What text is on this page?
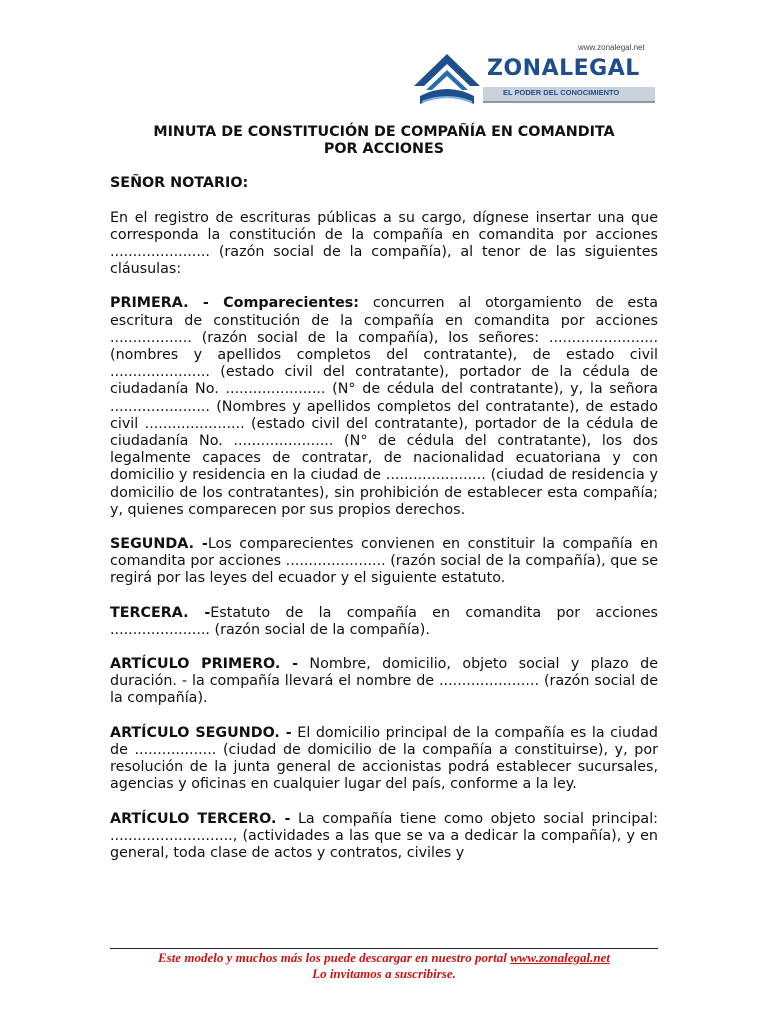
www.zonalegal.net
ZONALEGAL
EL PODER DEL CONOCIMIENTO

MINUTA DE CONSTITUCIÓN DE COMPAÑÍA EN COMANDITA
POR ACCIONES

SEÑOR NOTARIO:

En el registro de escrituras públicas a su cargo, dígnese insertar una que corresponda la constitución de la compañía en comandita por acciones ...................... (razón social de la compañía), al tenor de las siguientes cláusulas:

PRIMERA. - Comparecientes: concurren al otorgamiento de esta escritura de constitución de la compañía en comandita por acciones .................. (razón social de la compañía), los señores: ........................ (nombres y apellidos completos del contratante), de estado civil ...................... (estado civil del contratante), portador de la cédula de ciudadanía No. ...................... (N° de cédula del contratante), y, la señora ...................... (Nombres y apellidos completos del contratante), de estado civil ...................... (estado civil del contratante), portador de la cédula de ciudadanía No. ...................... (N° de cédula del contratante), los dos legalmente capaces de contratar, de nacionalidad ecuatoriana y con domicilio y residencia en la ciudad de ...................... (ciudad de residencia y domicilio de los contratantes), sin prohibición de establecer esta compañía; y, quienes comparecen por sus propios derechos.

SEGUNDA. -Los comparecientes convienen en constituir la compañía en comandita por acciones ...................... (razón social de la compañía), que se regirá por las leyes del ecuador y el siguiente estatuto.

TERCERA. -Estatuto de la compañía en comandita por acciones ...................... (razón social de la compañía).

ARTÍCULO PRIMERO. - Nombre, domicilio, objeto social y plazo de duración. - la compañía llevará el nombre de ...................... (razón social de la compañía).

ARTÍCULO SEGUNDO. - El domicilio principal de la compañía es la ciudad de .................. (ciudad de domicilio de la compañía a constituirse), y, por resolución de la junta general de accionistas podrá establecer sucursales, agencias y oficinas en cualquier lugar del país, conforme a la ley.

ARTÍCULO TERCERO. - La compañía tiene como objeto social principal: ..........................., (actividades a las que se va a dedicar la compañía), y en general, toda clase de actos y contratos, civiles y

Este modelo y muchos más los puede descargar en nuestro portal www.zonalegal.net
Lo invitamos a suscribirse.
